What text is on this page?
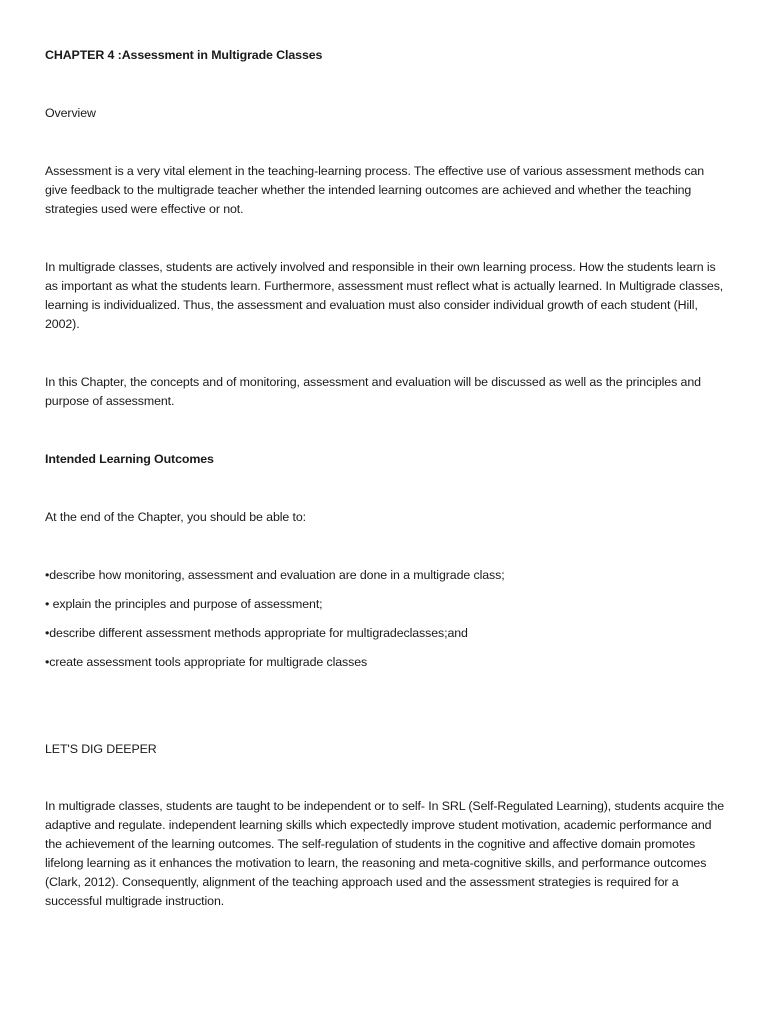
CHAPTER 4 :Assessment in Multigrade Classes

Overview

Assessment is a very vital element in the teaching-learning process. The effective use of various assessment methods can give feedback to the multigrade teacher whether the intended learning outcomes are achieved and whether the teaching strategies used were effective or not.

In multigrade classes, students are actively involved and responsible in their own learning process. How the students learn is as important as what the students learn. Furthermore, assessment must reflect what is actually learned. In Multigrade classes, learning is individualized. Thus, the assessment and evaluation must also consider individual growth of each student (Hill, 2002).

In this Chapter, the concepts and of monitoring, assessment and evaluation will be discussed as well as the principles and purpose of assessment.

Intended Learning Outcomes

At the end of the Chapter, you should be able to:

•describe how monitoring, assessment and evaluation are done in a multigrade class;

• explain the principles and purpose of assessment;

•describe different assessment methods appropriate for multigradeclasses;and

•create assessment tools appropriate for multigrade classes

LET'S DIG DEEPER

In multigrade classes, students are taught to be independent or to self- In SRL (Self-Regulated Learning), students acquire the adaptive and regulate. independent learning skills which expectedly improve student motivation, academic performance and the achievement of the learning outcomes. The self-regulation of students in the cognitive and affective domain promotes lifelong learning as it enhances the motivation to learn, the reasoning and meta-cognitive skills, and performance outcomes (Clark, 2012). Consequently, alignment of the teaching approach used and the assessment strategies is required for a successful multigrade instruction.
